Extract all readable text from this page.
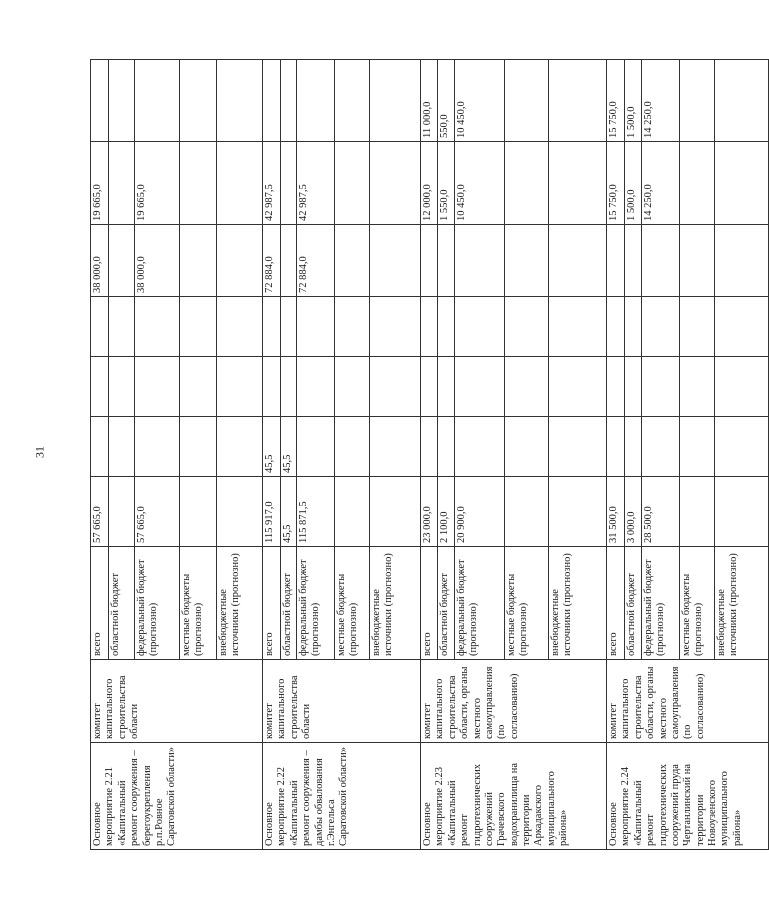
31
Основное мероприятие 2.21 «Капитальный ремонт сооружения – берегоукрепления р.п.Ровное Саратовской области»	комитет капитального строительства области	всего	57 665,0				38 000,0	19 665,0	
		областной бюджет							
		федеральный бюджет (прогнозно)	57 665,0				38 000,0	19 665,0	
		местные бюджеты (прогнозно)							
		внебюджетные источники (прогнозно)							
Основное мероприятие 2.22 «Капитальный ремонт сооружения – дамбы обвалования г.Энгельса Саратовской области»	комитет капитального строительства области	всего	115 917,0	45,5			72 884,0	42 987,5	
		областной бюджет	45,5	45,5					
		федеральный бюджет (прогнозно)	115 871,5				72 884,0	42 987,5	
		местные бюджеты (прогнозно)							
		внебюджетные источники (прогнозно)							
Основное мероприятие 2.23 «Капитальный ремонт гидротехнических сооружений Грачевского водохранилища на территории Аркадакского муниципального района»	комитет капитального строительства области, органы местного самоуправления (по согласованию)	всего	23 000,0					12 000,0	11 000,0
		областной бюджет	2 100,0					1 550,0	550,0
		федеральный бюджет (прогнозно)	20 900,0					10 450,0	10 450,0
		местные бюджеты (прогнозно)							
		внебюджетные источники (прогнозно)							
Основное мероприятие 2.24 «Капитальный ремонт гидротехнических сооружений пруда Чертанлинский на территории Новоузенского муниципального района»	комитет капитального строительства области, органы местного самоуправления (по согласованию)	всего	31 500,0					15 750,0	15 750,0
		областной бюджет	3 000,0					1 500,0	1 500,0
		федеральный бюджет (прогнозно)	28 500,0					14 250,0	14 250,0
		местные бюджеты (прогнозно)							
		внебюджетные источники (прогнозно)							
